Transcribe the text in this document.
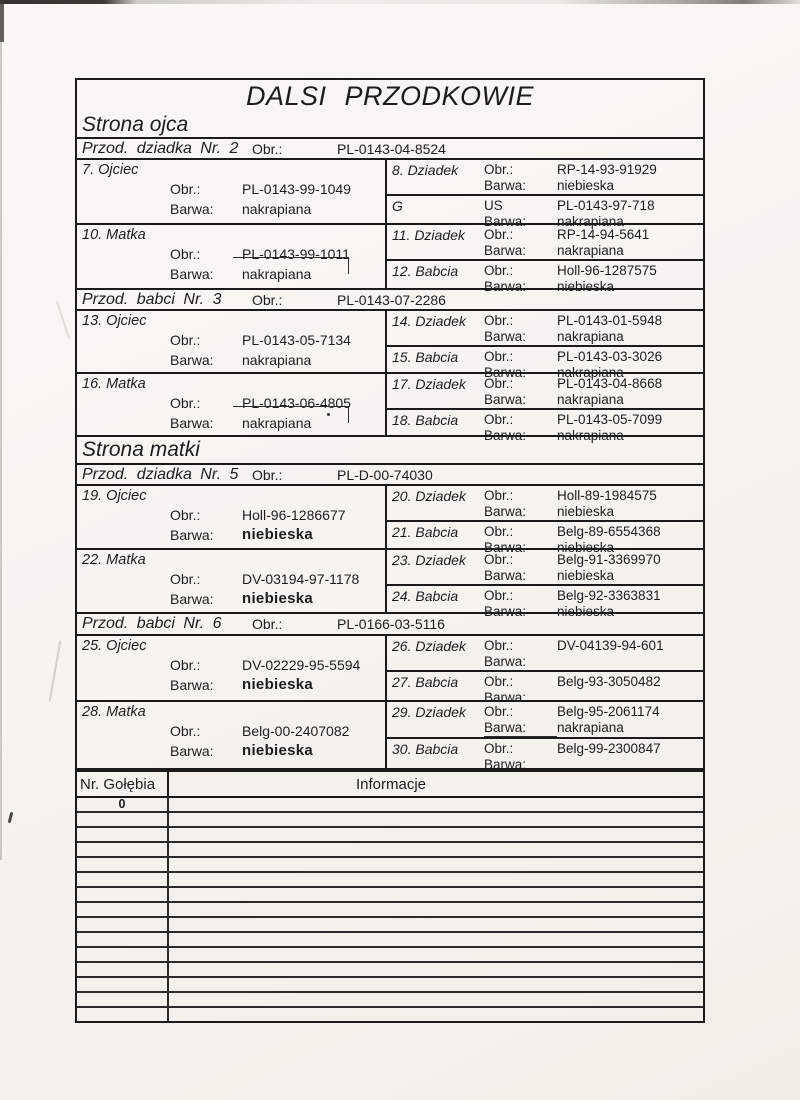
DALSI PRZODKOWIE
Strona ojca
Przod. dziadka Nr. 2 Obr.:	PL-0143-04-8524
7. Ojciec
Obr.:	PL-0143-99-1049
Barwa:	nakrapiana
8. Dziadek	Obr.:	RP-14-93-91929
Barwa:	niebieska
G	US	PL-0143-97-718
Barwa:	nakrapiana
10. Matka
Obr.:	PL-0143-99-1011
Barwa:	nakrapiana
11. Dziadek	Obr.:	RP-14-94-5641
Barwa:	nakrapiana
12. Babcia	Obr.:	Holl-96-1287575
Barwa:	niebieska
Przod. babci Nr. 3	Obr.:	PL-0143-07-2286
13. Ojciec
Obr.:	PL-0143-05-7134
Barwa:	nakrapiana
14. Dziadek	Obr.:	PL-0143-01-5948
Barwa:	nakrapiana
15. Babcia	Obr.:	PL-0143-03-3026
Barwa:	nakrapiana
16. Matka
Obr.:	PL-0143-06-4805
Barwa:	nakrapiana
17. Dziadek	Obr.:	PL-0143-04-8668
Barwa:	nakrapiana
18. Babcia	Obr.:	PL-0143-05-7099
Barwa:	nakrapiana
Strona matki
Przod. dziadka Nr. 5 Obr.:	PL-D-00-74030
19. Ojciec
Obr.:	Holl-96-1286677
Barwa:	niebieska
20. Dziadek	Obr.:	Holl-89-1984575
Barwa:	niebieska
21. Babcia	Obr.:	Belg-89-6554368
Barwa:	niebieska
22. Matka
Obr.:	DV-03194-97-1178
Barwa:	niebieska
23. Dziadek	Obr.:	Belg-91-3369970
Barwa:	niebieska
24. Babcia	Obr.:	Belg-92-3363831
Barwa:	niebieska
Przod. babci Nr. 6	Obr.:	PL-0166-03-5116
25. Ojciec
Obr.:	DV-02229-95-5594
Barwa:	niebieska
26. Dziadek	Obr.:	DV-04139-94-601
Barwa:
27. Babcia	Obr.:	Belg-93-3050482
Barwa:
28. Matka
Obr.:	Belg-00-2407082
Barwa:	niebieska
29. Dziadek	Obr.:	Belg-95-2061174
Barwa:	nakrapiana
30. Babcia	Obr.:	Belg-99-2300847
Barwa:
Nr. Gołębia	Informacje
0
